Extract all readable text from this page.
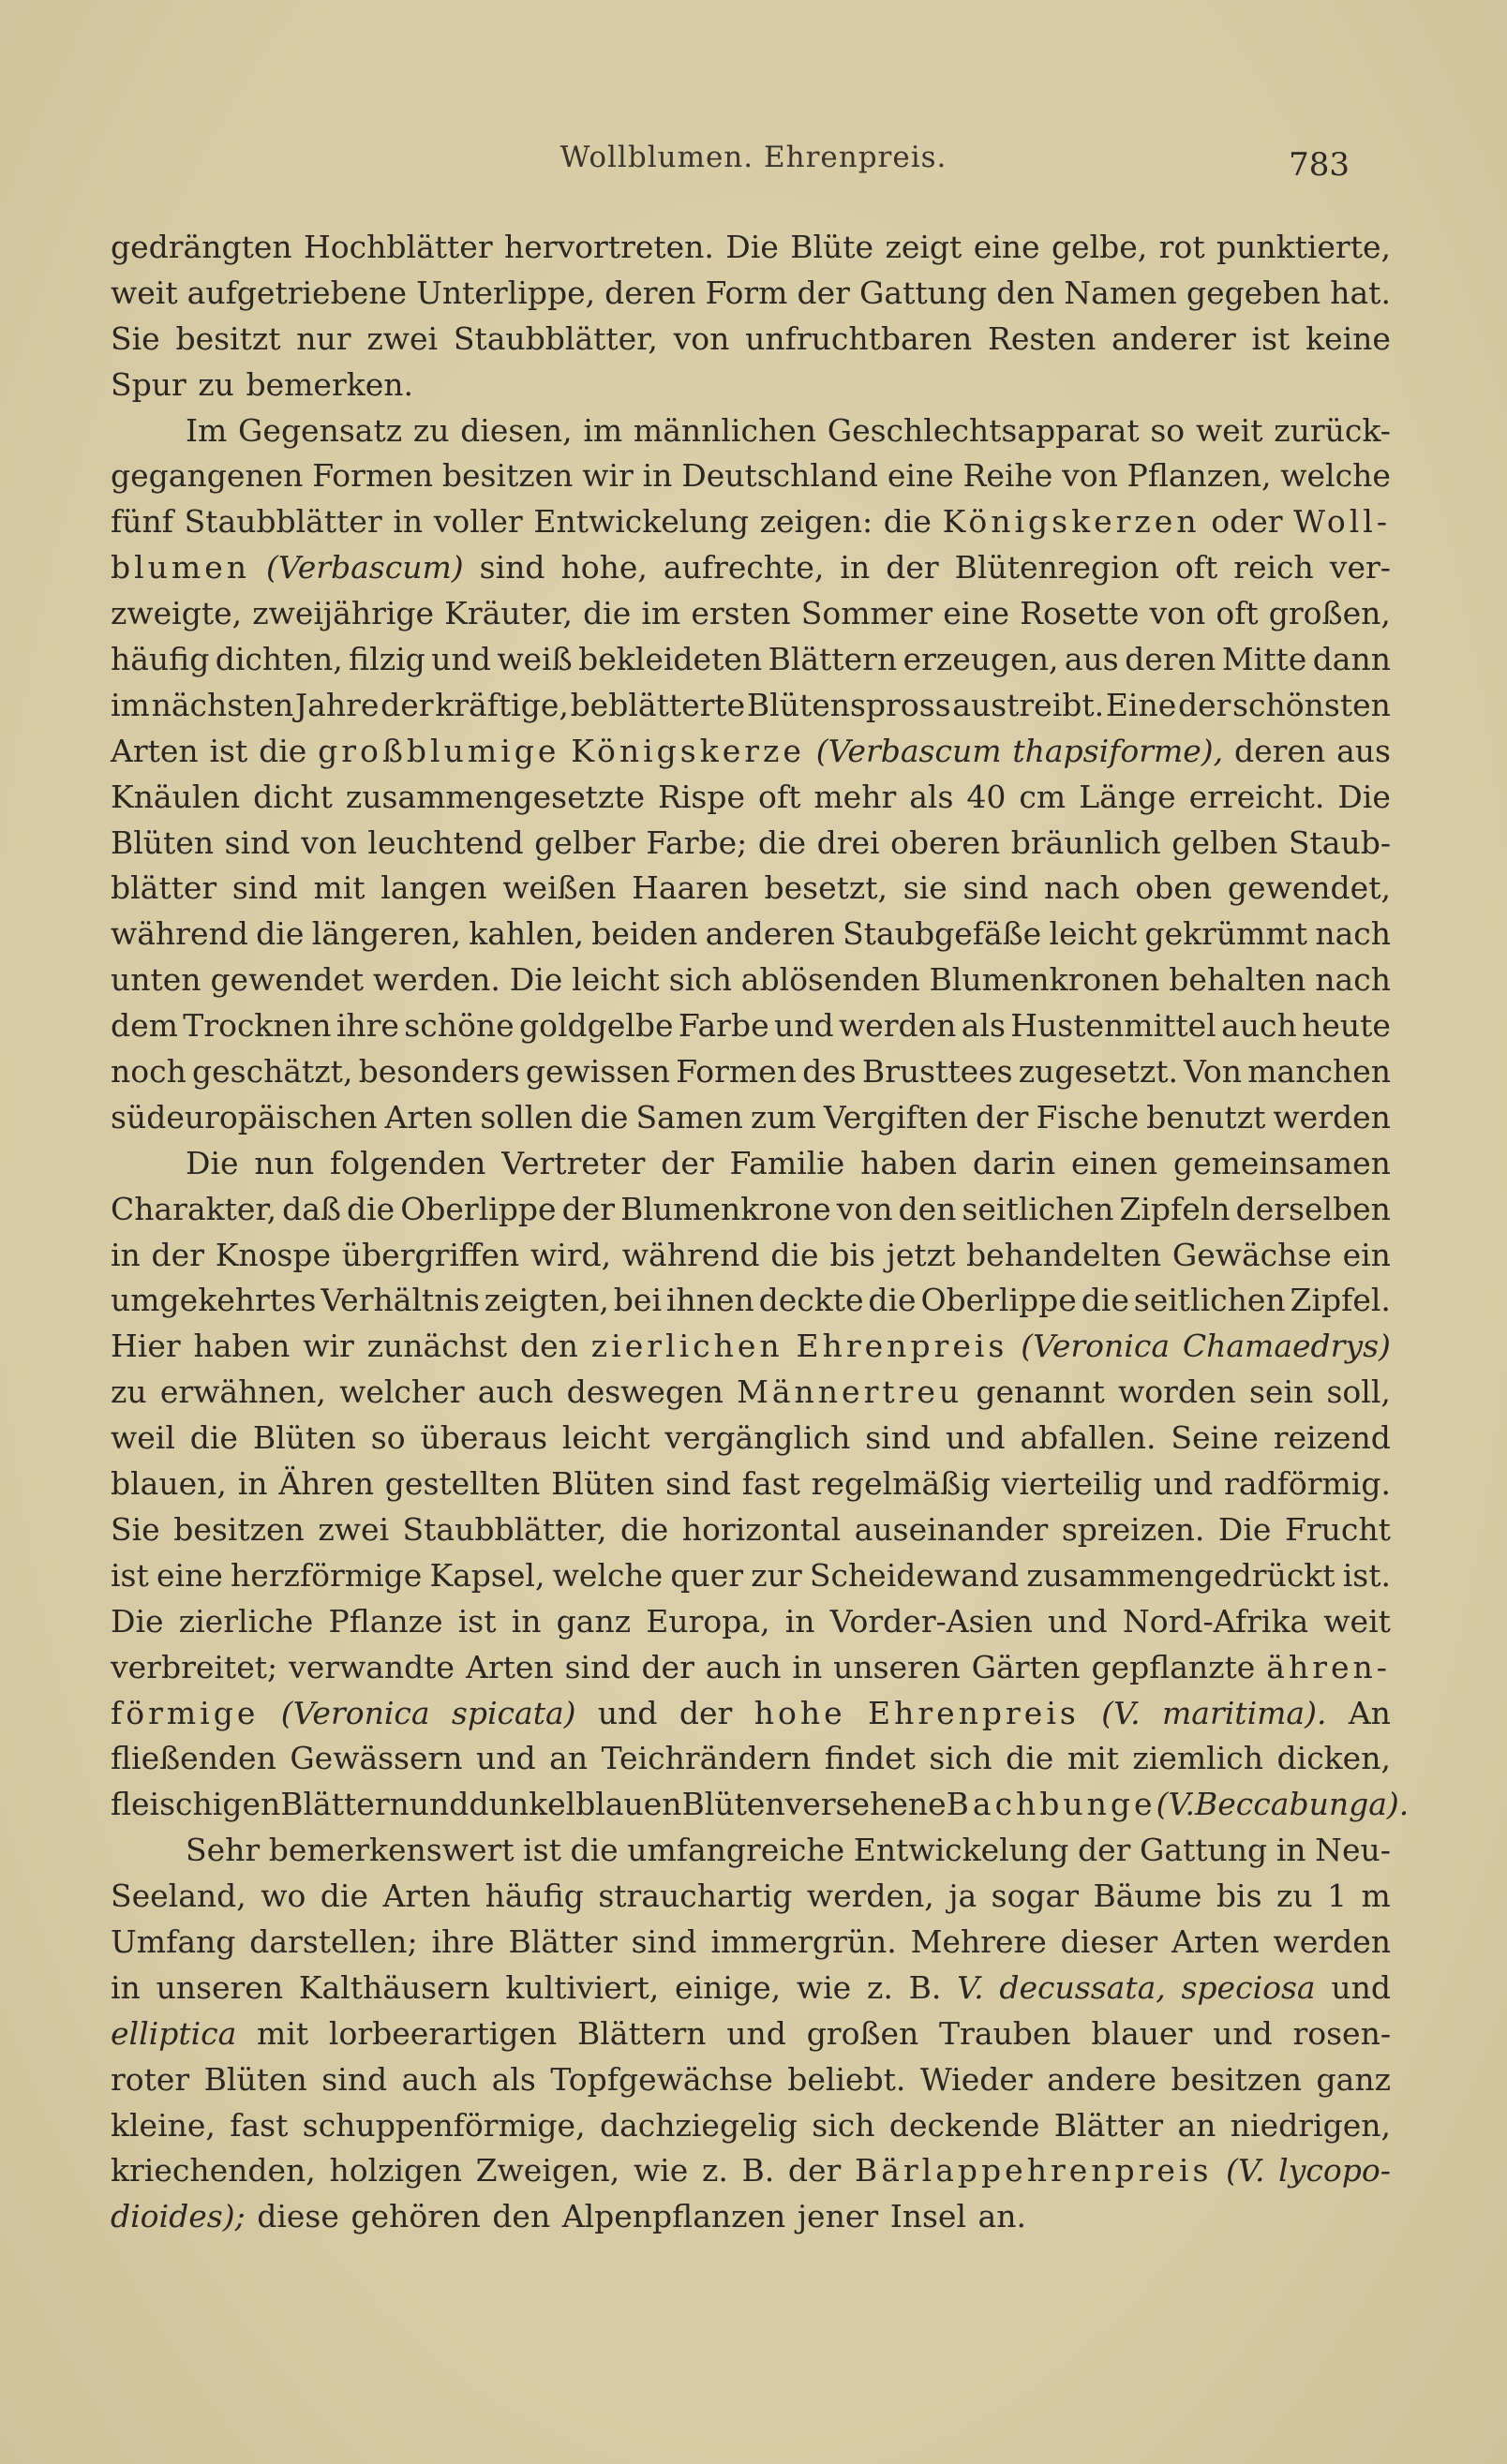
Wollblumen. Ehrenpreis.	783
gedrängten Hochblätter hervortreten. Die Blüte zeigt eine gelbe, rot punktierte,
weit aufgetriebene Unterlippe, deren Form der Gattung den Namen gegeben hat.
Sie besitzt nur zwei Staubblätter, von unfruchtbaren Resten anderer ist keine
Spur zu bemerken.
Im Gegensatz zu diesen, im männlichen Geschlechtsapparat so weit zurück-
gegangenen Formen besitzen wir in Deutschland eine Reihe von Pflanzen, welche
fünf Staubblätter in voller Entwickelung zeigen: die Königskerzen oder Woll-
blumen (Verbascum) sind hohe, aufrechte, in der Blütenregion oft reich ver-
zweigte, zweijährige Kräuter, die im ersten Sommer eine Rosette von oft großen,
häufig dichten, filzig und weiß bekleideten Blättern erzeugen, aus deren Mitte dann
im nächsten Jahre der kräftige, beblätterte Blütenspross austreibt. Eine der schönsten
Arten ist die großblumige Königskerze (Verbascum thapsiforme), deren aus
Knäulen dicht zusammengesetzte Rispe oft mehr als 40 cm Länge erreicht. Die
Blüten sind von leuchtend gelber Farbe; die drei oberen bräunlich gelben Staub-
blätter sind mit langen weißen Haaren besetzt, sie sind nach oben gewendet,
während die längeren, kahlen, beiden anderen Staubgefäße leicht gekrümmt nach
unten gewendet werden. Die leicht sich ablösenden Blumenkronen behalten nach
dem Trocknen ihre schöne goldgelbe Farbe und werden als Hustenmittel auch heute
noch geschätzt, besonders gewissen Formen des Brusttees zugesetzt. Von manchen
südeuropäischen Arten sollen die Samen zum Vergiften der Fische benutzt werden
Die nun folgenden Vertreter der Familie haben darin einen gemeinsamen
Charakter, daß die Oberlippe der Blumenkrone von den seitlichen Zipfeln derselben
in der Knospe übergriffen wird, während die bis jetzt behandelten Gewächse ein
umgekehrtes Verhältnis zeigten, bei ihnen deckte die Oberlippe die seitlichen Zipfel.
Hier haben wir zunächst den zierlichen Ehrenpreis (Veronica Chamaedrys)
zu erwähnen, welcher auch deswegen Männertreu genannt worden sein soll,
weil die Blüten so überaus leicht vergänglich sind und abfallen. Seine reizend
blauen, in Ähren gestellten Blüten sind fast regelmäßig vierteilig und radförmig.
Sie besitzen zwei Staubblätter, die horizontal auseinander spreizen. Die Frucht
ist eine herzförmige Kapsel, welche quer zur Scheidewand zusammengedrückt ist.
Die zierliche Pflanze ist in ganz Europa, in Vorder-Asien und Nord-Afrika weit
verbreitet; verwandte Arten sind der auch in unseren Gärten gepflanzte ähren-
förmige (Veronica spicata) und der hohe Ehrenpreis (V. maritima). An
fließenden Gewässern und an Teichrändern findet sich die mit ziemlich dicken,
fleischigen Blättern und dunkelblauen Blüten versehene Bachbunge (V. Beccabunga).
Sehr bemerkenswert ist die umfangreiche Entwickelung der Gattung in Neu-
Seeland, wo die Arten häufig strauchartig werden, ja sogar Bäume bis zu 1 m
Umfang darstellen; ihre Blätter sind immergrün. Mehrere dieser Arten werden
in unseren Kalthäusern kultiviert, einige, wie z. B. V. decussata, speciosa und
elliptica mit lorbeerartigen Blättern und großen Trauben blauer und rosen-
roter Blüten sind auch als Topfgewächse beliebt. Wieder andere besitzen ganz
kleine, fast schuppenförmige, dachziegelig sich deckende Blätter an niedrigen,
kriechenden, holzigen Zweigen, wie z. B. der Bärlappehrenpreis (V. lycopo-
dioides); diese gehören den Alpenpflanzen jener Insel an.
